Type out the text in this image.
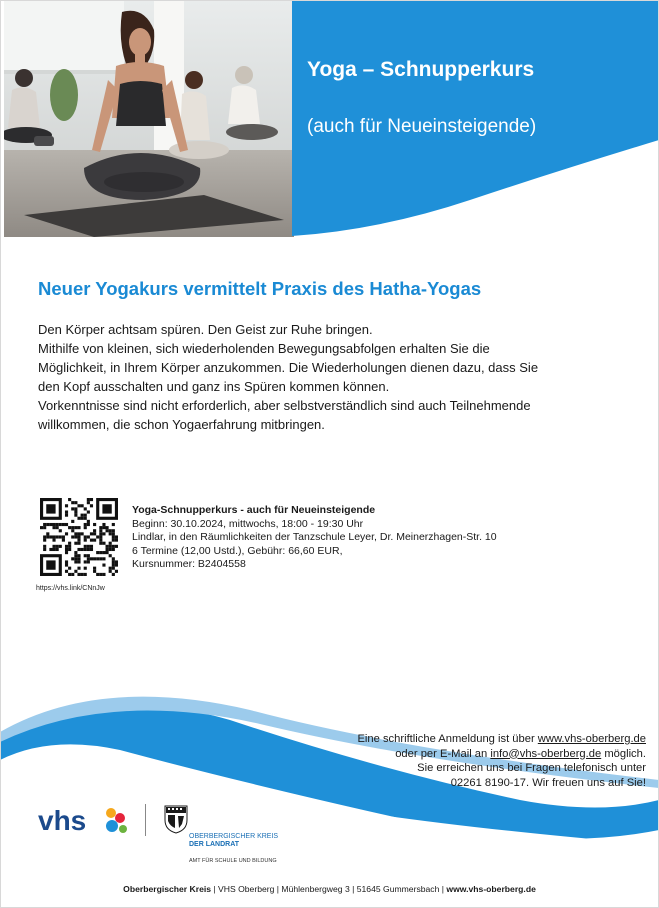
Yoga – Schnupperkurs
(auch für Neueinsteigende)
Neuer Yogakurs vermittelt Praxis des Hatha-Yogas

Den Körper achtsam spüren. Den Geist zur Ruhe bringen.

Mithilfe von kleinen, sich wiederholenden Bewegungsabfolgen erhalten Sie die

Möglichkeit, in Ihrem Körper anzukommen. Die Wiederholungen dienen dazu, dass Sie

den Kopf ausschalten und ganz ins Spüren kommen können.

Vorkenntnisse sind nicht erforderlich, aber selbstverständlich sind auch Teilnehmende

willkommen, die schon Yogaerfahrung mitbringen.

https://vhs.link/CNnJw
Yoga-Schnupperkurs - auch für Neueinsteigende
Beginn: 30.10.2024, mittwochs, 18:00 - 19:30 Uhr
Lindlar, in den Räumlichkeiten der Tanzschule Leyer, Dr. Meinerzhagen-Str. 10
6 Termine (12,00 Ustd.), Gebühr: 66,60 EUR,
Kursnummer: B2404558
Eine schriftliche Anmeldung ist über www.vhs-oberberg.de
oder per E-Mail an info@vhs-oberberg.de möglich.
Sie erreichen uns bei Fragen telefonisch unter
02261 8190-17. Wir freuen uns auf Sie!
vhs
OBERBERGISCHER KREIS
DER LANDRAT
AMT FÜR SCHULE UND BILDUNG
Oberbergischer Kreis | VHS Oberberg | Mühlenbergweg 3 | 51645 Gummersbach | www.vhs-oberberg.de
